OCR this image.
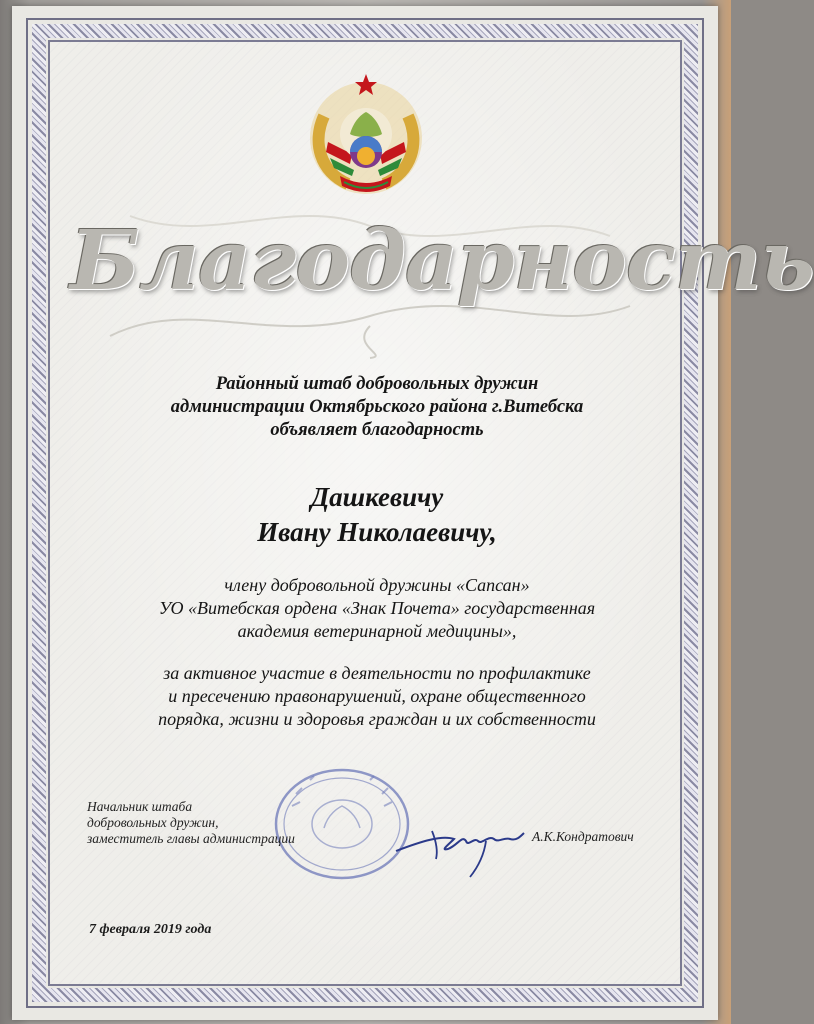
Благодарность
Районный штаб добровольных дружин
администрации Октябрьского района г.Витебска
объявляет благодарность
Дашкевичу
Ивану Николаевичу,
члену добровольной дружины «Сапсан»
УО «Витебская ордена «Знак Почета» государственная
академия ветеринарной медицины»,
за активное участие в деятельности по профилактике
и пресечению правонарушений, охране общественного
порядка, жизни и здоровья граждан и их собственности
Начальник штаба
добровольных дружин,
заместитель главы администрации	А.К.Кондратович
7 февраля 2019 года
